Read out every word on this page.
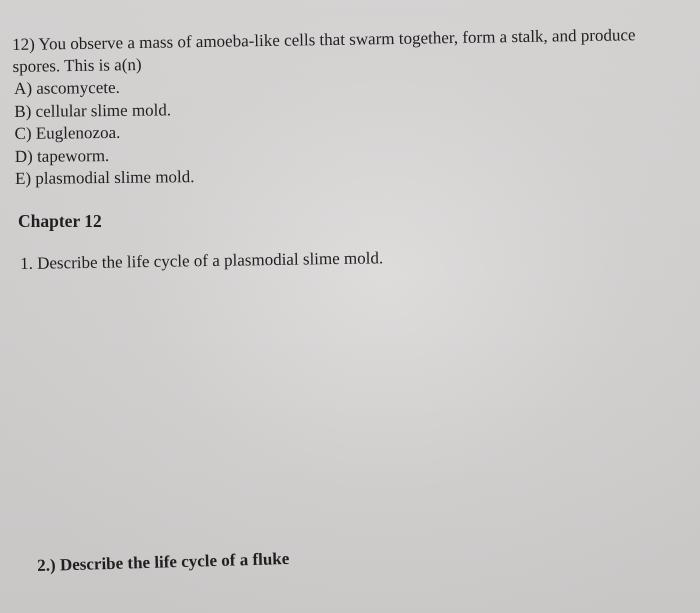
12) You observe a mass of amoeba-like cells that swarm together, form a stalk, and produce
spores. This is a(n)
A) ascomycete.
B) cellular slime mold.
C) Euglenozoa.
D) tapeworm.
E) plasmodial slime mold.
Chapter 12
1. Describe the life cycle of a plasmodial slime mold.
2.) Describe the life cycle of a fluke
